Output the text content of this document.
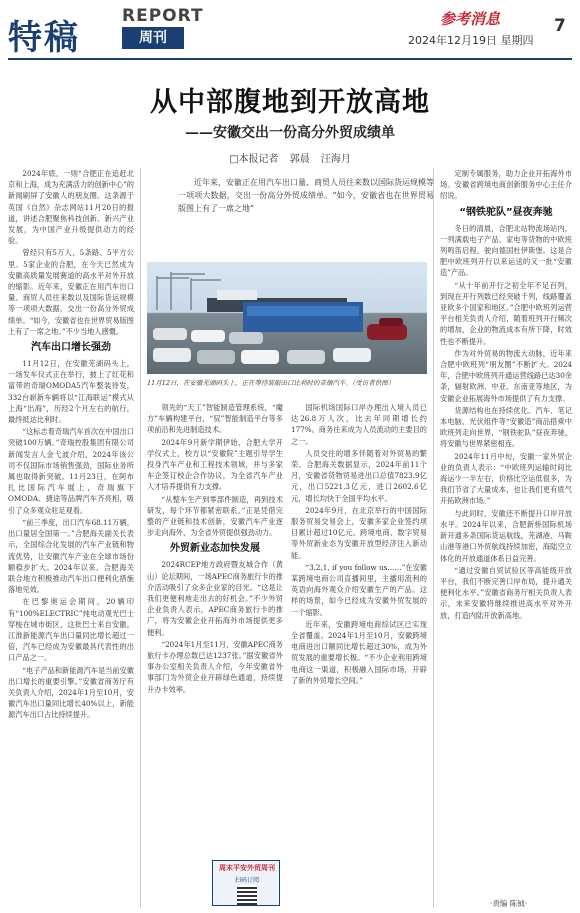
特稿
REPORT
周刊
参考消息
2024年12月19日 星期四
7
从中部腹地到开放高地
——安徽交出一份高分外贸成绩单
□本报记者 郭晨 汪海月

2024年底，一则“合肥正在追赶北京和上海，成为充满活力的创新中心”的新闻刷屏了安徽人的朋友圈。这条源于英国《自然》杂志网站11月20日的报道，讲述合肥聚焦科技创新、新兴产业发展，为中国产业升级提供动力的经验。

曾经只有5万人、5条路、5平方公里、5家企业的合肥，在今天已然成为安徽高质量发展赛道的高水平对外开放的缩影。近年来，安徽正在用汽车出口量、商贸人员往来数以及国际货运规模等一项项大数据，交出一份高分外贸成绩单。“如今，安徽省也在世界贸易版图上有了一席之地。”不少当地人感慨。

汽车出口增长强劲

11月12日，在安徽芜湖码头上，一场发车仪式正在举行，披上了红花和富带的奇瑞OMODA5汽车整装待发，332台崭新车辆将以“江海联运”模式从上海“出海”，历经2个月左右的航行，最终抵达比利时。

“这标志着奇瑞汽车首次在中国出口突破100万辆。”奇瑞控股集团有限公司新闻发言人金弋波介绍，2024年该公司不仅国际市场销售强劲，国际业务所属也取得新突破。11月23日，在阿布扎比国际汽车展上，奇瑞旗下OMODA、捷途等品牌汽车齐亮相，吸引了众多观众驻足观看。

“前三季度，出口汽车68.11万辆，出口量居全国第一。”合肥海关副关长表示，全国综合化发展的汽车产业链和物流优势，让安徽汽车产业在全球市场份额稳步扩大。2024年以来，合肥海关联合地方积极推动汽车出口便利化措施落地见效。

在巴黎奥运会期间，20辆印有“100%ELECTRIC”纯电动观光巴士穿梭在城市街区，这批巴士来自安徽。江淮新能源汽车出口量同比增长超过一倍，汽车已经成为安徽最具代表性的出口产品之一。

“电子产品和新能源汽车是当前安徽出口增长的重要引擎。”安徽省商务厅有关负责人介绍，2024年1月至10月，安徽汽车出口量同比增长40%以上，新能源汽车出口占比持续提升。

近年来，安徽正在用汽车出口量、商贸人员往来数以国际货运规模等一项项大数据，交出一份高分外贸成绩单。“如今，安徽省也在世界贸易版图上有了一席之地”
11月12日，在安徽芜湖码头上，正在等待装船出口比利时的奇瑞汽车。（受访者供图）

领先的“天工”智能制造管理系统，“魔方”车辆构建平台，“驭”智能制造平台等多项前沿和先进制造技术。

2024年9月新学期伊始，合肥大学开学仪式上，校方以“安徽院”主题引导学生投身汽车产业和工程技术领域，并与多家车企签订校企合作协议，为全省汽车产业人才培养提供有力支撑。

“从整车生产到零部件制造，再到技术研发，每个环节都紧密联系。”正是凭借完整的产业链和技术创新，安徽汽车产业逐步走向海外，为全省外贸提供强劲动力。

外贸新业态加快发展

2024RCEP地方政府暨友城合作（黄山）论坛期间，一场APEC商务旅行卡的推介活动吸引了众多企业家的目光。“这是让我们更便利地走出去的好机会。”不少外贸企业负责人表示，APEC商务旅行卡的推广，将为安徽企业开拓海外市场提供更多便利。

“2024年1月至11月，安徽APEC商务旅行卡办理总数已达1237张。”据安徽省外事办公室相关负责人介绍，今年安徽省外事部门为外贸企业开辟绿色通道，持续提升办卡效率。

国际机场国际口岸办理出入境人员已达26.8万人次，比去年同期增长约177%。商务往来成为人员流动的主要目的之一。

人员交往的增多伴随着对外贸易的繁荣。合肥海关数据显示，2024年前11个月，安徽省货物贸易进出口总值7823.9亿元，出口5221.3亿元，进口2602.6亿元，增长均快于全国平均水平。

2024年9月，在北京举行的中国国际服务贸易交易会上，安徽多家企业签约项目累计超过10亿元。跨境电商、数字贸易等外贸新业态为安徽开放型经济注入新动能。

“3,2,1, if you follow us……”在安徽某跨境电商公司直播间里，主播用流利的英语向海外观众介绍安徽生产的产品。这样的场景，如今已经成为安徽外贸发展的一个缩影。

近年来，安徽跨境电商综试区已实现全省覆盖。2024年1月至10月，安徽跨境电商进出口额同比增长超过30%，成为外贸发展的重要增长极。“不少企业利用跨境电商这一渠道，积极融入国际市场，开辟了新的外贸增长空间。”

周末平安外贸周刊
扫码订阅

定制专属服务，助力企业开拓海外市场。安徽省跨境电商创新服务中心主任介绍说。

“钢铁驼队”昼夜奔驰

冬日的清晨，合肥北站物流场站内，一列满载电子产品、家电等货物的中欧班列鸣笛启程，驶向德国杜伊斯堡。这是合肥中欧班列开行以来运送的又一批“安徽造”产品。

“从十年前开行之初全年不足百列，到现在开行列数已经突破千列，线路覆盖亚欧多个国家和地区。”合肥中欧班列运营平台相关负责人介绍，随着班列开行频次的增加，企业的物流成本有所下降，时效性也不断提升。

作为对外贸易的物流大动脉，近年来合肥中欧班列“朋友圈”不断扩大。2024年，合肥中欧班列开通运营线路已达30余条，辐射欧洲、中亚、东南亚等地区，为安徽企业拓展海外市场提供了有力支撑。

货源结构也在持续优化。汽车、笔记本电脑、光伏组件等“安徽造”商品搭乘中欧班列走向世界，“钢铁驼队”昼夜奔驰，将安徽与世界紧密相连。

2024年11月中旬，安徽一家外贸企业的负责人表示：“中欧班列运输时间比海运少一半左右，价格比空运低很多，为我们节省了大量成本，也让我们更有底气开拓欧洲市场。”

与此同时，安徽还不断提升口岸开放水平。2024年以来，合肥新桥国际机场新开通多条国际货运航线，芜湖港、马鞍山港等港口外贸航线持续加密，海陆空立体化的开放通道体系日益完善。

“通过安徽自贸试验区等高能级开放平台，我们不断完善口岸布局，提升通关便利化水平。”安徽省商务厅相关负责人表示，未来安徽将继续推进高水平对外开放，打造内陆开放新高地。

·责编 陈钺·
